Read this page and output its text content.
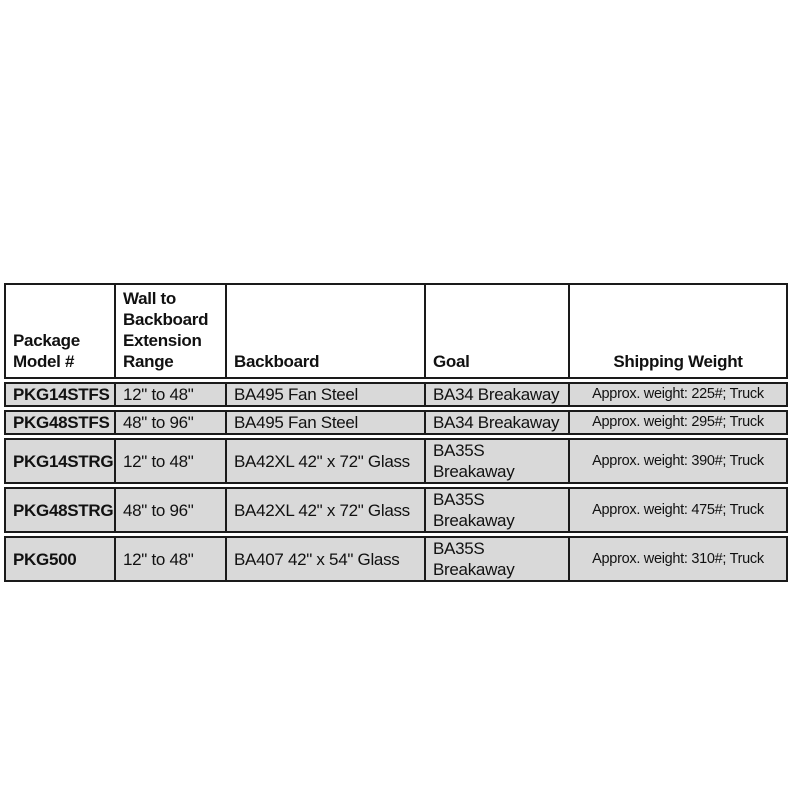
Package Model #	Wall to Backboard Extension Range	Backboard	Goal	Shipping Weight
PKG14STFS	12" to 48"	BA495 Fan Steel	BA34 Breakaway	Approx. weight: 225#; Truck
PKG48STFS	48" to 96"	BA495 Fan Steel	BA34 Breakaway	Approx. weight: 295#; Truck
PKG14STRG	12" to 48"	BA42XL 42" x 72" Glass	BA35S Breakaway	Approx. weight: 390#; Truck
PKG48STRG	48" to 96"	BA42XL 42" x 72" Glass	BA35S Breakaway	Approx. weight: 475#; Truck
PKG500	12" to 48"	BA407 42" x 54" Glass	BA35S Breakaway	Approx. weight: 310#; Truck
